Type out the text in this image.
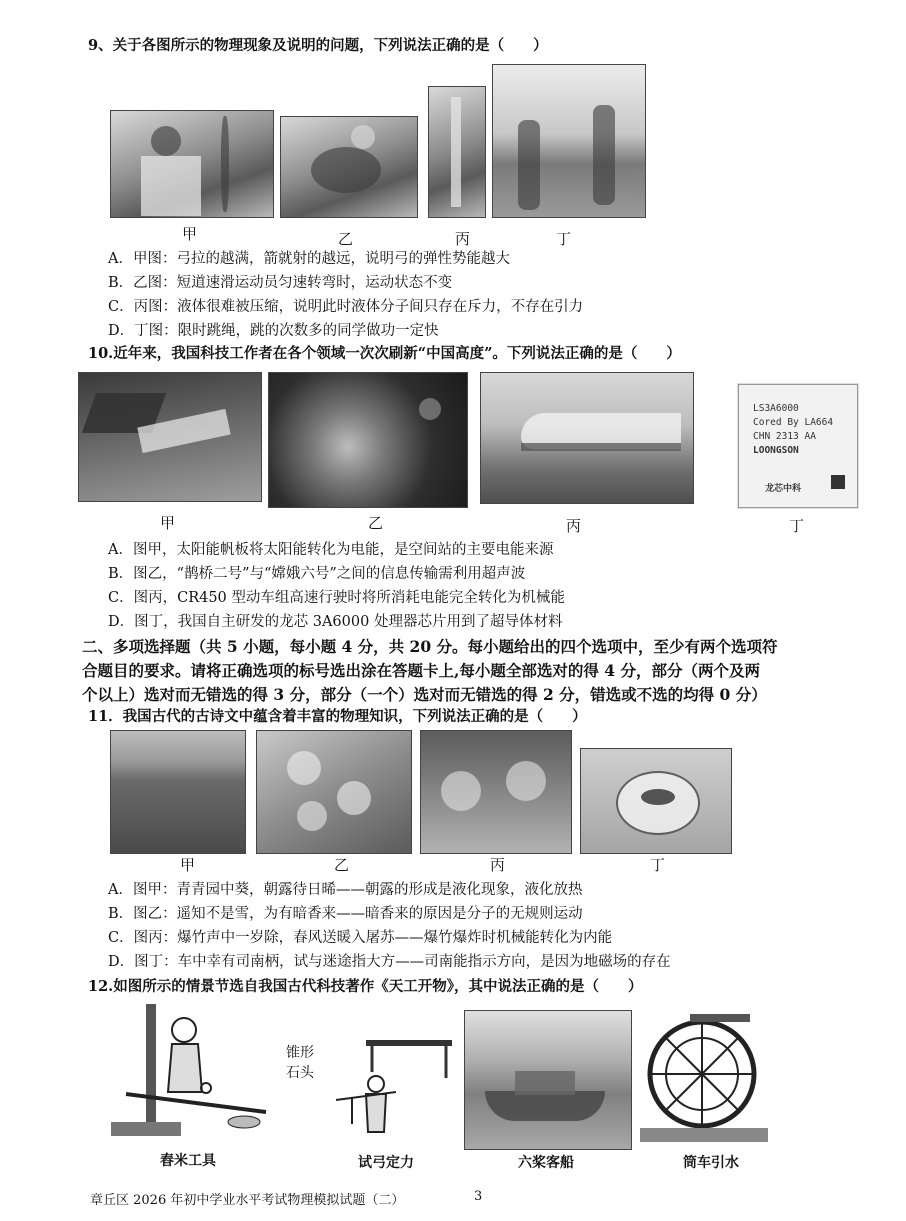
9、关于各图所示的物理现象及说明的问题，下列说法正确的是（　　）
甲	乙	丙	丁
A．甲图：弓拉的越满，箭就射的越远，说明弓的弹性势能越大
B．乙图：短道速滑运动员匀速转弯时，运动状态不变
C．丙图：液体很难被压缩，说明此时液体分子间只存在斥力，不存在引力
D．丁图：限时跳绳，跳的次数多的同学做功一定快
10.近年来，我国科技工作者在各个领域一次次刷新“中国高度”。下列说法正确的是（　　）
LS3A6000
Cored By LA664
CHN 2313 AA
LOONGSON
龙芯中科
甲	乙	丙	丁
A．图甲，太阳能帆板将太阳能转化为电能，是空间站的主要电能来源
B．图乙，“鹊桥二号”与“嫦娥六号”之间的信息传输需利用超声波
C．图丙，CR450 型动车组高速行驶时将所消耗电能完全转化为机械能
D．图丁，我国自主研发的龙芯 3A6000 处理器芯片用到了超导体材料
二、多项选择题（共 5 小题，每小题 4 分，共 20 分。每小题给出的四个选项中，至少有两个选项符
合题目的要求。请将正确选项的标号选出涂在答题卡上,每小题全部选对的得 4 分，部分（两个及两
个以上）选对而无错选的得 3 分，部分（一个）选对而无错选的得 2 分，错选或不选的均得 0 分）
11．我国古代的古诗文中蕴含着丰富的物理知识，下列说法正确的是（　　）
甲	乙	丙	丁
A．图甲：青青园中葵，朝露待日晞——朝露的形成是液化现象，液化放热
B．图乙：遥知不是雪，为有暗香来——暗香来的原因是分子的无规则运动
C．图丙：爆竹声中一岁除，春风送暖入屠苏——爆竹爆炸时机械能转化为内能
D．图丁：车中幸有司南柄，试与迷途指大方——司南能指示方向，是因为地磁场的存在
12.如图所示的情景节选自我国古代科技著作《天工开物》，其中说法正确的是（　　）
锥形
石头
舂米工具	试弓定力	六桨客船	筒车引水
章丘区 2026 年初中学业水平考试物理模拟试题（二）	3
